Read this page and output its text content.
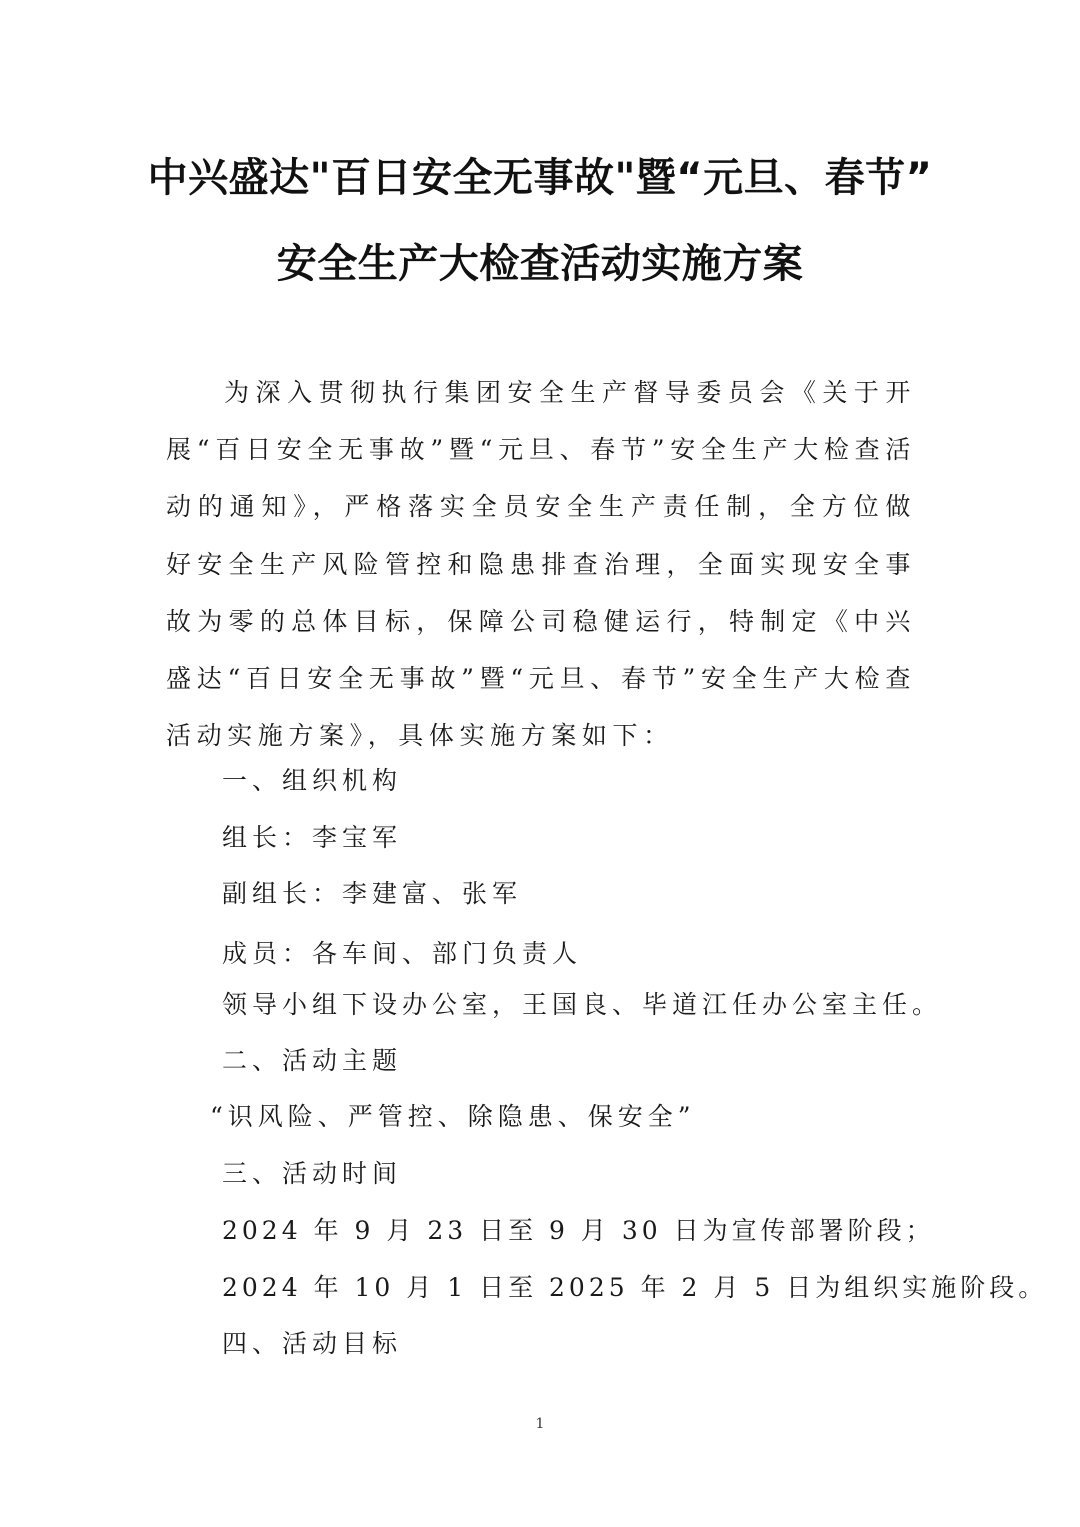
中兴盛达"百日安全无事故"暨“元旦、春节”
安全生产大检查活动实施方案

为深入贯彻执行集团安全生产督导委员会《关于开展“百日安全无事故”暨“元旦、春节”安全生产大检查活动的通知》，严格落实全员安全生产责任制，全方位做好安全生产风险管控和隐患排查治理，全面实现安全事故为零的总体目标，保障公司稳健运行，特制定《中兴盛达“百日安全无事故”暨“元旦、春节”安全生产大检查活动实施方案》，具体实施方案如下：

一、组织机构

组长：李宝军

副组长：李建富、张军

成员：各车间、部门负责人

领导小组下设办公室，王国良、毕道江任办公室主任。

二、活动主题

“识风险、严管控、除隐患、保安全”

三、活动时间

2024 年 9 月 23 日至 9 月 30 日为宣传部署阶段；

2024 年 10 月 1 日至 2025 年 2 月 5 日为组织实施阶段。

四、活动目标

1
